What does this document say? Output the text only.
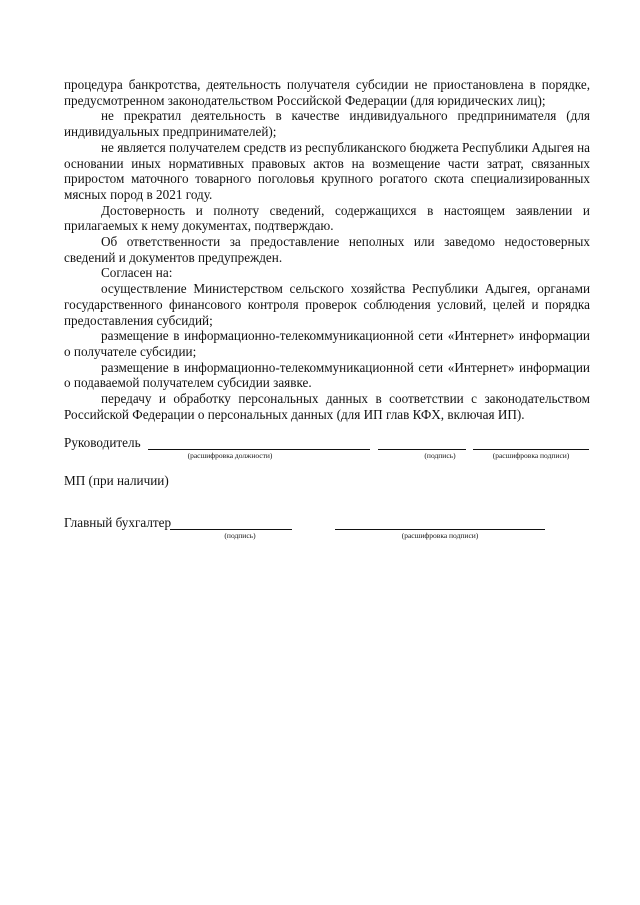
процедура банкротства, деятельность получателя субсидии не приостановлена в порядке, предусмотренном законодательством Российской Федерации (для юридических лиц);

не прекратил деятельность в качестве индивидуального предпринимателя (для индивидуальных предпринимателей);

не является получателем средств из республиканского бюджета Республики Адыгея на основании иных нормативных правовых актов на возмещение части затрат, связанных приростом маточного товарного поголовья крупного рогатого скота специализированных мясных пород в 2021 году.

Достоверность и полноту сведений, содержащихся в настоящем заявлении и прилагаемых к нему документах, подтверждаю.

Об ответственности за предоставление неполных или заведомо недостоверных сведений и документов предупрежден.

Согласен на:

осуществление Министерством сельского хозяйства Республики Адыгея, органами государственного финансового контроля проверок соблюдения условий, целей и порядка предоставления субсидий;

размещение в информационно-телекоммуникационной сети «Интернет» информации о получателе субсидии;

размещение в информационно-телекоммуникационной сети «Интернет» информации о подаваемой получателем субсидии заявке.

передачу и обработку персональных данных в соответствии с законодательством Российской Федерации о персональных данных (для ИП глав КФХ, включая ИП).

Руководитель
(расшифровка должности)	(подпись)	(расшифровка подписи)
МП (при наличии)
Главный бухгалтер
(подпись)	(расшифровка подписи)
